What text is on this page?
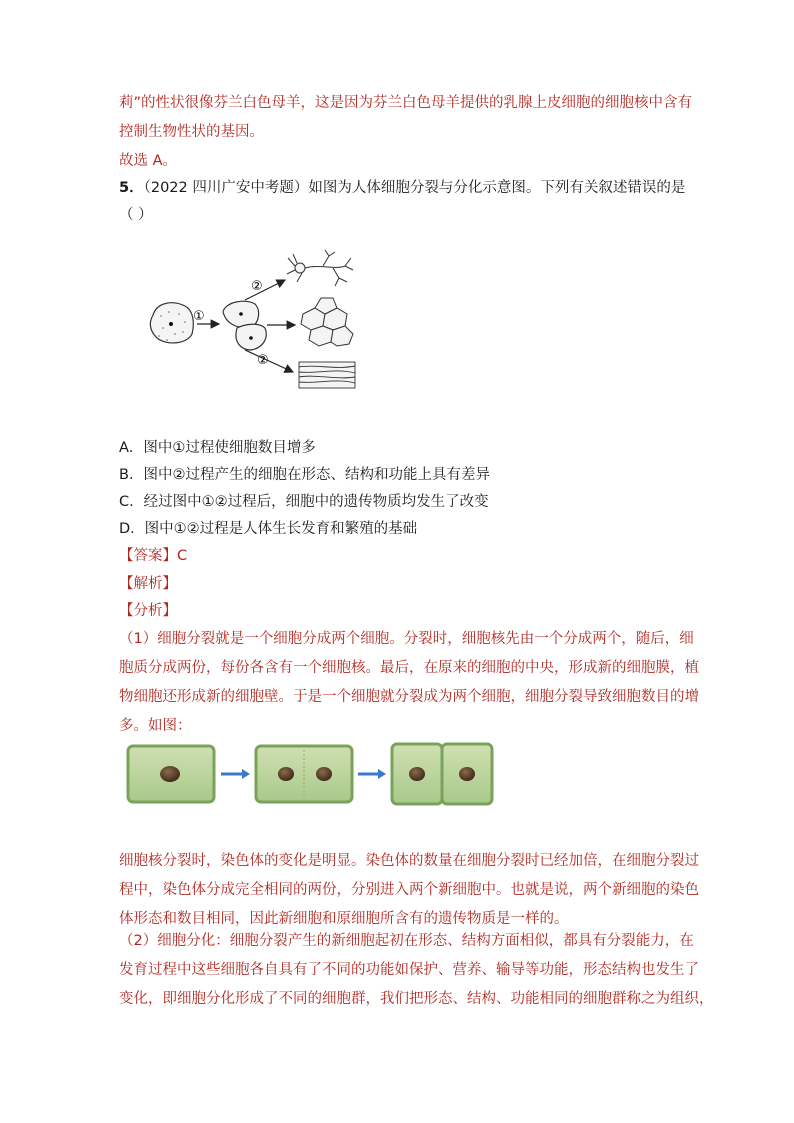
莉”的性状很像芬兰白色母羊，这是因为芬兰白色母羊提供的乳腺上皮细胞的细胞核中含有
控制生物性状的基因。
故选 A。
5．（2022 四川广安中考题）如图为人体细胞分裂与分化示意图。下列有关叙述错误的是
（ ）
①
②
②
A．图中①过程使细胞数目增多
B．图中②过程产生的细胞在形态、结构和功能上具有差异
C．经过图中①②过程后，细胞中的遗传物质均发生了改变
D．图中①②过程是人体生长发育和繁殖的基础
【答案】C
【解析】
【分析】
（1）细胞分裂就是一个细胞分成两个细胞。分裂时，细胞核先由一个分成两个，随后，细
胞质分成两份，每份各含有一个细胞核。最后，在原来的细胞的中央，形成新的细胞膜，植
物细胞还形成新的细胞壁。于是一个细胞就分裂成为两个细胞，细胞分裂导致细胞数目的增
多。如图：
细胞核分裂时，染色体的变化是明显。染色体的数量在细胞分裂时已经加倍，在细胞分裂过
程中，染色体分成完全相同的两份，分别进入两个新细胞中。也就是说，两个新细胞的染色
体形态和数目相同，因此新细胞和原细胞所含有的遗传物质是一样的。
（2）细胞分化：细胞分裂产生的新细胞起初在形态、结构方面相似，都具有分裂能力，在
发育过程中这些细胞各自具有了不同的功能如保护、营养、输导等功能，形态结构也发生了
变化，即细胞分化形成了不同的细胞群，我们把形态、结构、功能相同的细胞群称之为组织，
